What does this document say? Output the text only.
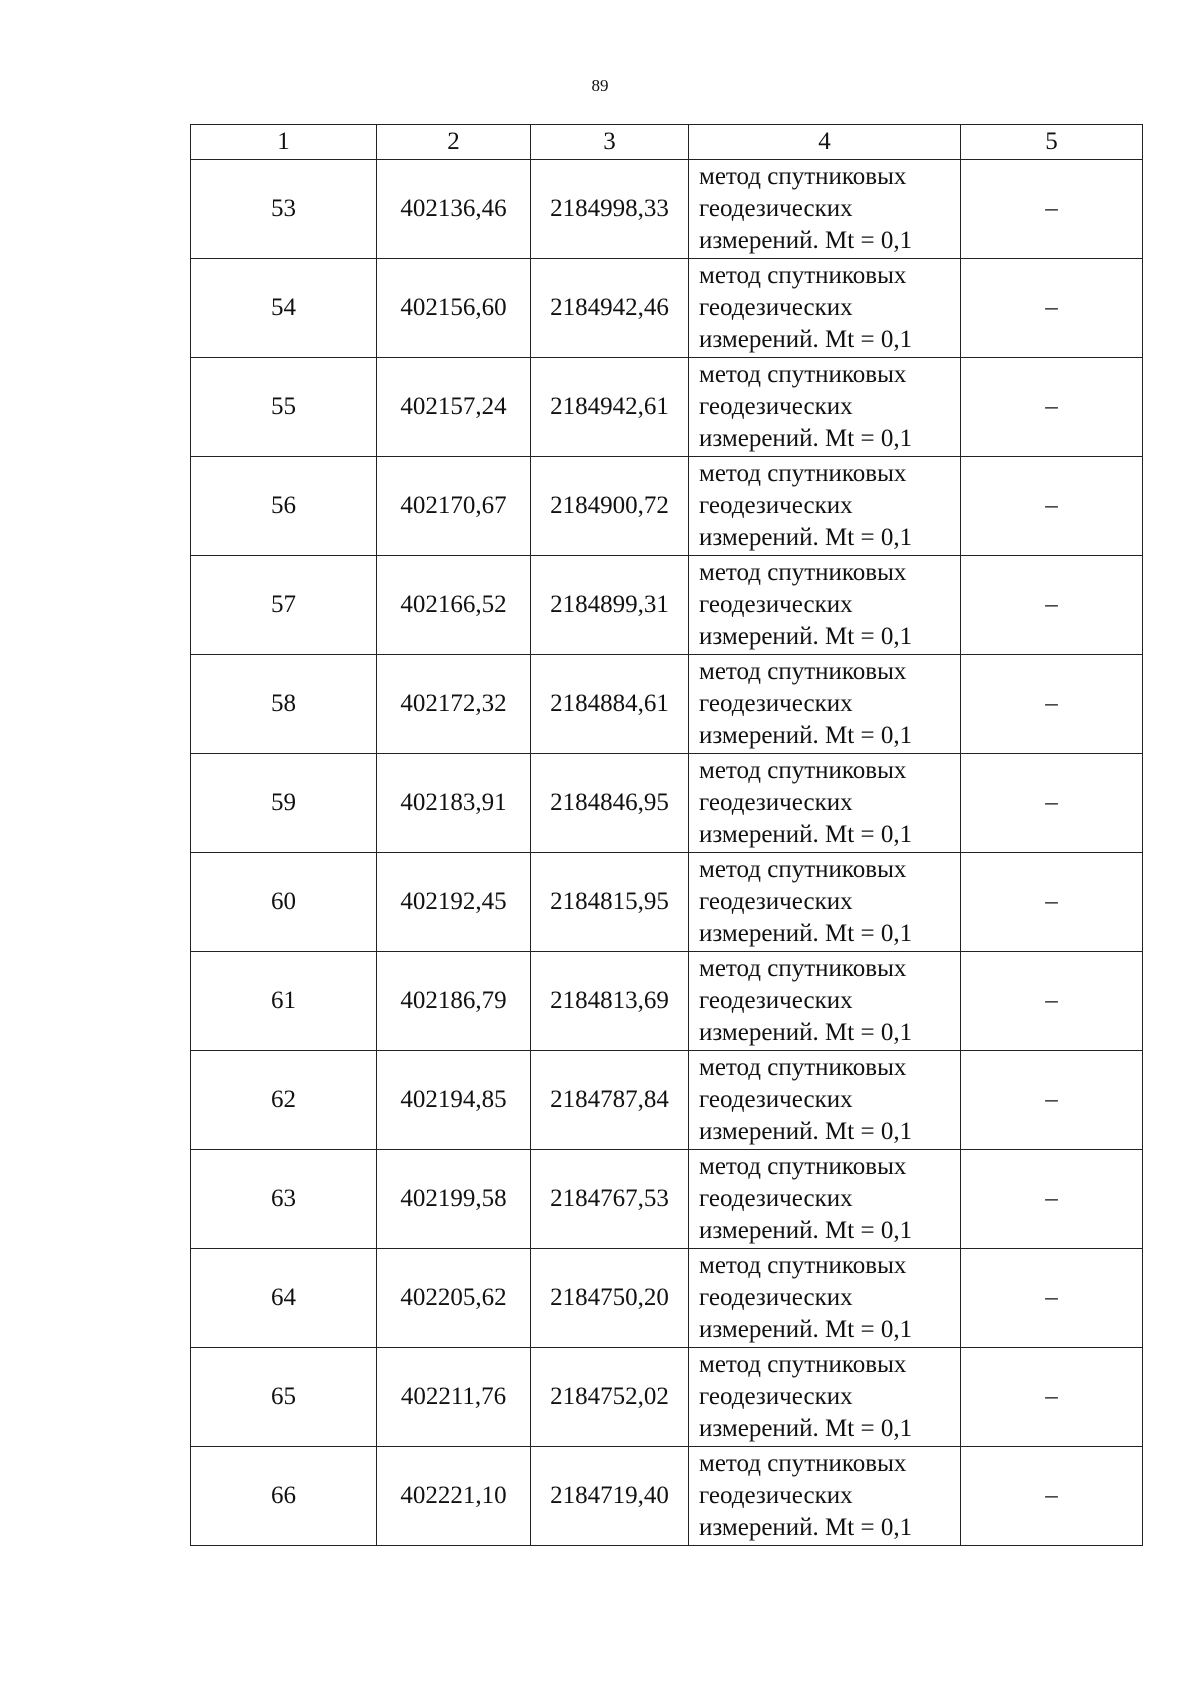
89
1	2	3	4	5
53	402136,46	2184998,33	метод спутниковых
геодезических
измерений. Mt = 0,1	–
54	402156,60	2184942,46	метод спутниковых
геодезических
измерений. Mt = 0,1	–
55	402157,24	2184942,61	метод спутниковых
геодезических
измерений. Mt = 0,1	–
56	402170,67	2184900,72	метод спутниковых
геодезических
измерений. Mt = 0,1	–
57	402166,52	2184899,31	метод спутниковых
геодезических
измерений. Mt = 0,1	–
58	402172,32	2184884,61	метод спутниковых
геодезических
измерений. Mt = 0,1	–
59	402183,91	2184846,95	метод спутниковых
геодезических
измерений. Mt = 0,1	–
60	402192,45	2184815,95	метод спутниковых
геодезических
измерений. Mt = 0,1	–
61	402186,79	2184813,69	метод спутниковых
геодезических
измерений. Mt = 0,1	–
62	402194,85	2184787,84	метод спутниковых
геодезических
измерений. Mt = 0,1	–
63	402199,58	2184767,53	метод спутниковых
геодезических
измерений. Mt = 0,1	–
64	402205,62	2184750,20	метод спутниковых
геодезических
измерений. Mt = 0,1	–
65	402211,76	2184752,02	метод спутниковых
геодезических
измерений. Mt = 0,1	–
66	402221,10	2184719,40	метод спутниковых
геодезических
измерений. Mt = 0,1	–
